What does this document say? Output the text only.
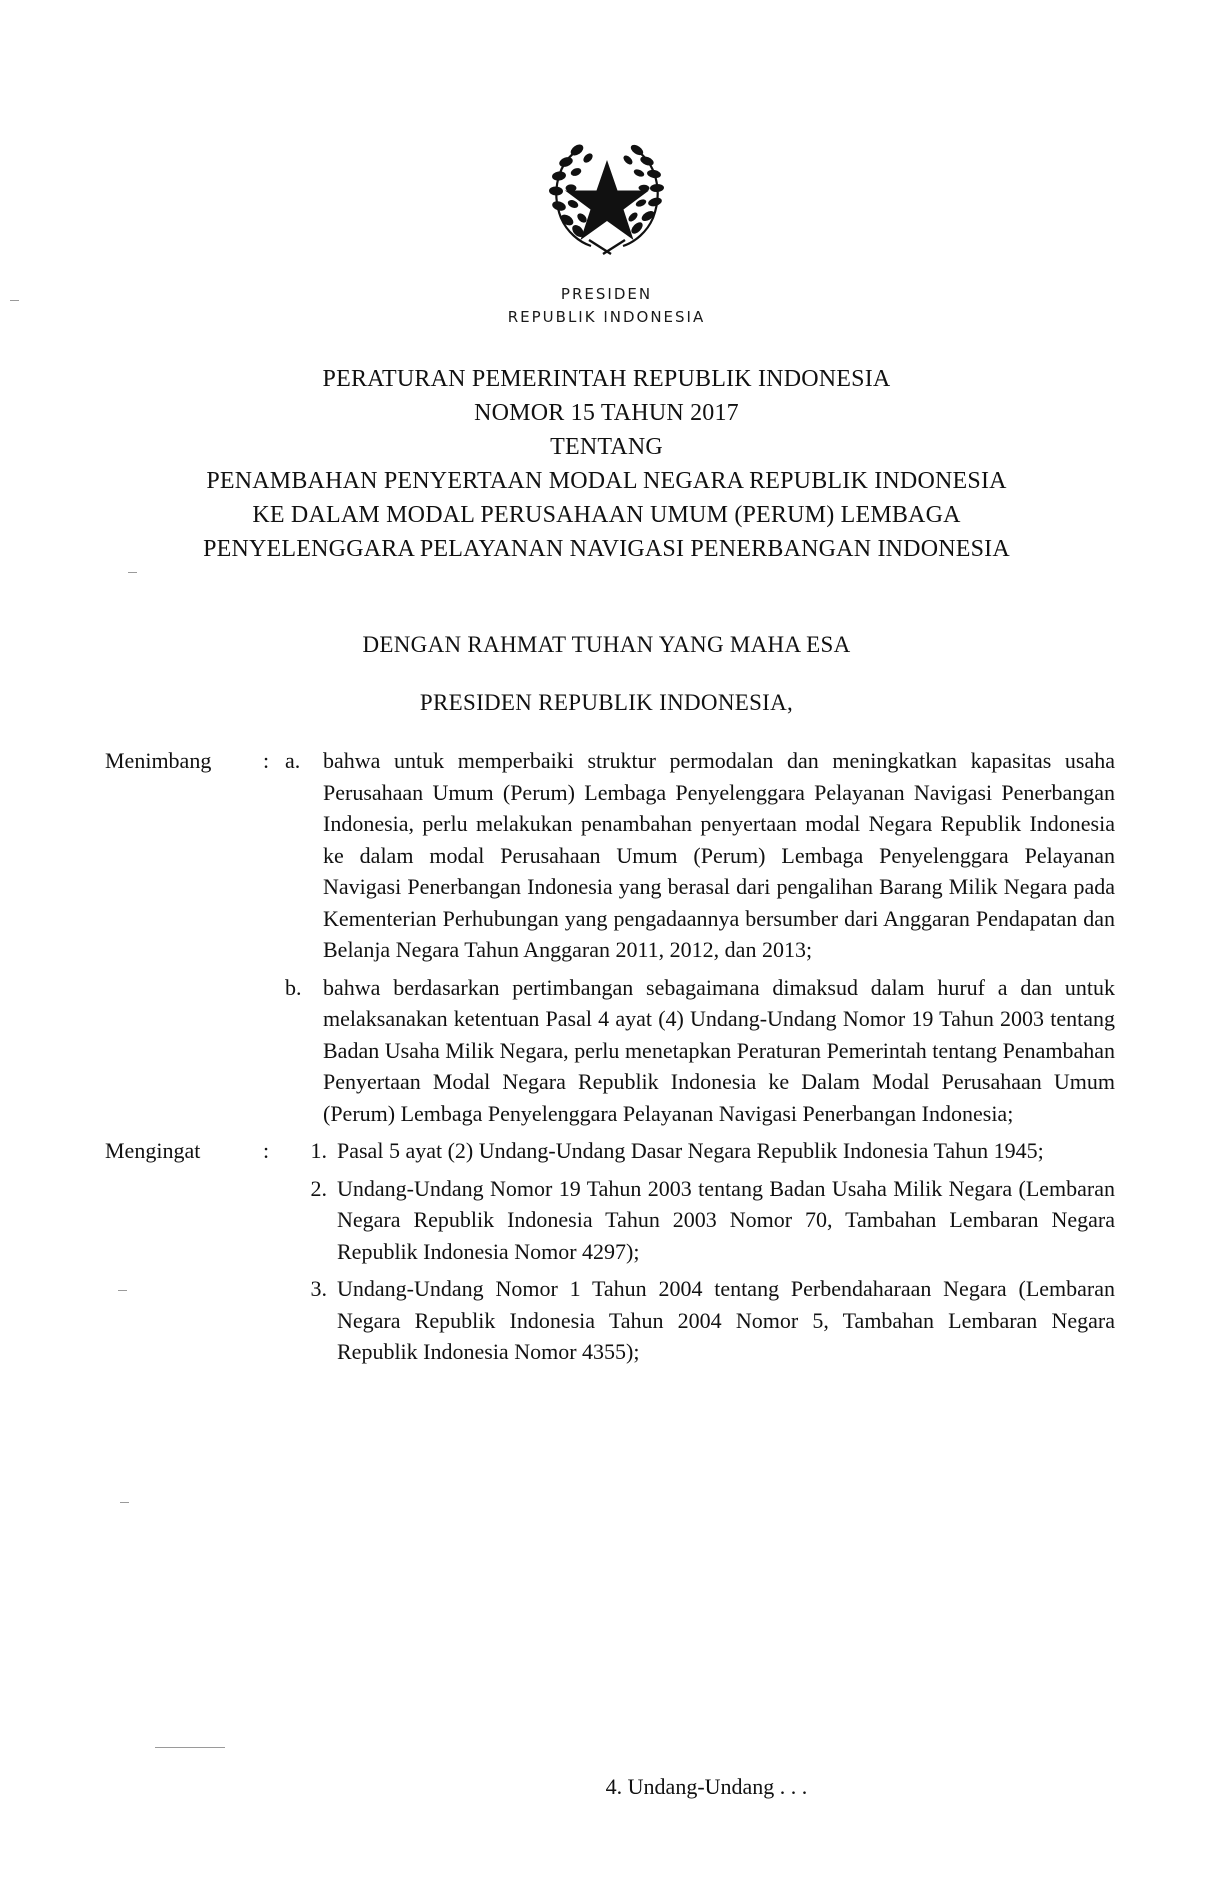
PRESIDEN
REPUBLIK INDONESIA
PERATURAN PEMERINTAH REPUBLIK INDONESIA
NOMOR 15 TAHUN 2017
TENTANG
PENAMBAHAN PENYERTAAN MODAL NEGARA REPUBLIK INDONESIA
KE DALAM MODAL PERUSAHAAN UMUM (PERUM) LEMBAGA
PENYELENGGARA PELAYANAN NAVIGASI PENERBANGAN INDONESIA
DENGAN RAHMAT TUHAN YANG MAHA ESA
PRESIDEN REPUBLIK INDONESIA,
Menimbang	: a.	bahwa untuk memperbaiki struktur permodalan dan meningkatkan kapasitas usaha Perusahaan Umum (Perum) Lembaga Penyelenggara Pelayanan Navigasi Penerbangan Indonesia, perlu melakukan penambahan penyertaan modal Negara Republik Indonesia ke dalam modal Perusahaan Umum (Perum) Lembaga Penyelenggara Pelayanan Navigasi Penerbangan Indonesia yang berasal dari pengalihan Barang Milik Negara pada Kementerian Perhubungan yang pengadaannya bersumber dari Anggaran Pendapatan dan Belanja Negara Tahun Anggaran 2011, 2012, dan 2013;
b. bahwa berdasarkan pertimbangan sebagaimana dimaksud dalam huruf a dan untuk melaksanakan ketentuan Pasal 4 ayat (4) Undang-Undang Nomor 19 Tahun 2003 tentang Badan Usaha Milik Negara, perlu menetapkan Peraturan Pemerintah tentang Penambahan Penyertaan Modal Negara Republik Indonesia ke Dalam Modal Perusahaan Umum (Perum) Lembaga Penyelenggara Pelayanan Navigasi Penerbangan Indonesia;
Mengingat	:	1. Pasal 5 ayat (2) Undang-Undang Dasar Negara Republik Indonesia Tahun 1945;
2. Undang-Undang Nomor 19 Tahun 2003 tentang Badan Usaha Milik Negara (Lembaran Negara Republik Indonesia Tahun 2003 Nomor 70, Tambahan Lembaran Negara Republik Indonesia Nomor 4297);
3. Undang-Undang Nomor 1 Tahun 2004 tentang Perbendaharaan Negara (Lembaran Negara Republik Indonesia Tahun 2004 Nomor 5, Tambahan Lembaran Negara Republik Indonesia Nomor 4355);
4. Undang-Undang . . .
